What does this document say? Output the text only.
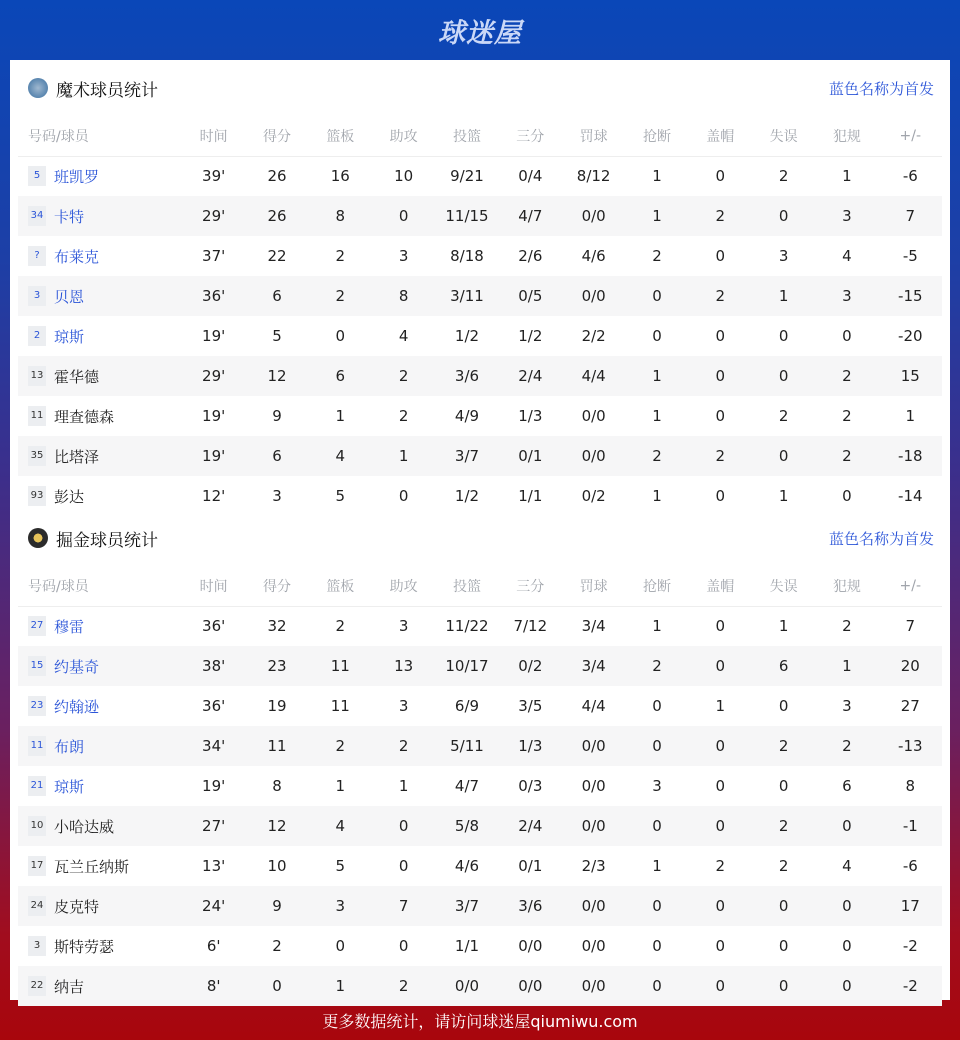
球迷屋
魔术球员统计	蓝色名称为首发
号码/球员	时间	得分	篮板	助攻	投篮	三分	罚球	抢断	盖帽	失误	犯规	+/-
5 班凯罗	39'	26	16	10	9/21	0/4	8/12	1	0	2	1	-6
34 卡特	29'	26	8	0	11/15	4/7	0/0	1	2	0	3	7
? 布莱克	37'	22	2	3	8/18	2/6	4/6	2	0	3	4	-5
3 贝恩	36'	6	2	8	3/11	0/5	0/0	0	2	1	3	-15
2 琼斯	19'	5	0	4	1/2	1/2	2/2	0	0	0	0	-20
13 霍华德	29'	12	6	2	3/6	2/4	4/4	1	0	0	2	15
11 理查德森	19'	9	1	2	4/9	1/3	0/0	1	0	2	2	1
35 比塔泽	19'	6	4	1	3/7	0/1	0/0	2	2	0	2	-18
93 彭达	12'	3	5	0	1/2	1/1	0/2	1	0	1	0	-14
掘金球员统计	蓝色名称为首发
号码/球员	时间	得分	篮板	助攻	投篮	三分	罚球	抢断	盖帽	失误	犯规	+/-
27 穆雷	36'	32	2	3	11/22	7/12	3/4	1	0	1	2	7
15 约基奇	38'	23	11	13	10/17	0/2	3/4	2	0	6	1	20
23 约翰逊	36'	19	11	3	6/9	3/5	4/4	0	1	0	3	27
11 布朗	34'	11	2	2	5/11	1/3	0/0	0	0	2	2	-13
21 琼斯	19'	8	1	1	4/7	0/3	0/0	3	0	0	6	8
10 小哈达威	27'	12	4	0	5/8	2/4	0/0	0	0	2	0	-1
17 瓦兰丘纳斯	13'	10	5	0	4/6	0/1	2/3	1	2	2	4	-6
24 皮克特	24'	9	3	7	3/7	3/6	0/0	0	0	0	0	17
3 斯特劳瑟	6'	2	0	0	1/1	0/0	0/0	0	0	0	0	-2
22 纳吉	8'	0	1	2	0/0	0/0	0/0	0	0	0	0	-2
更多数据统计，请访问球迷屋qiumiwu.com
